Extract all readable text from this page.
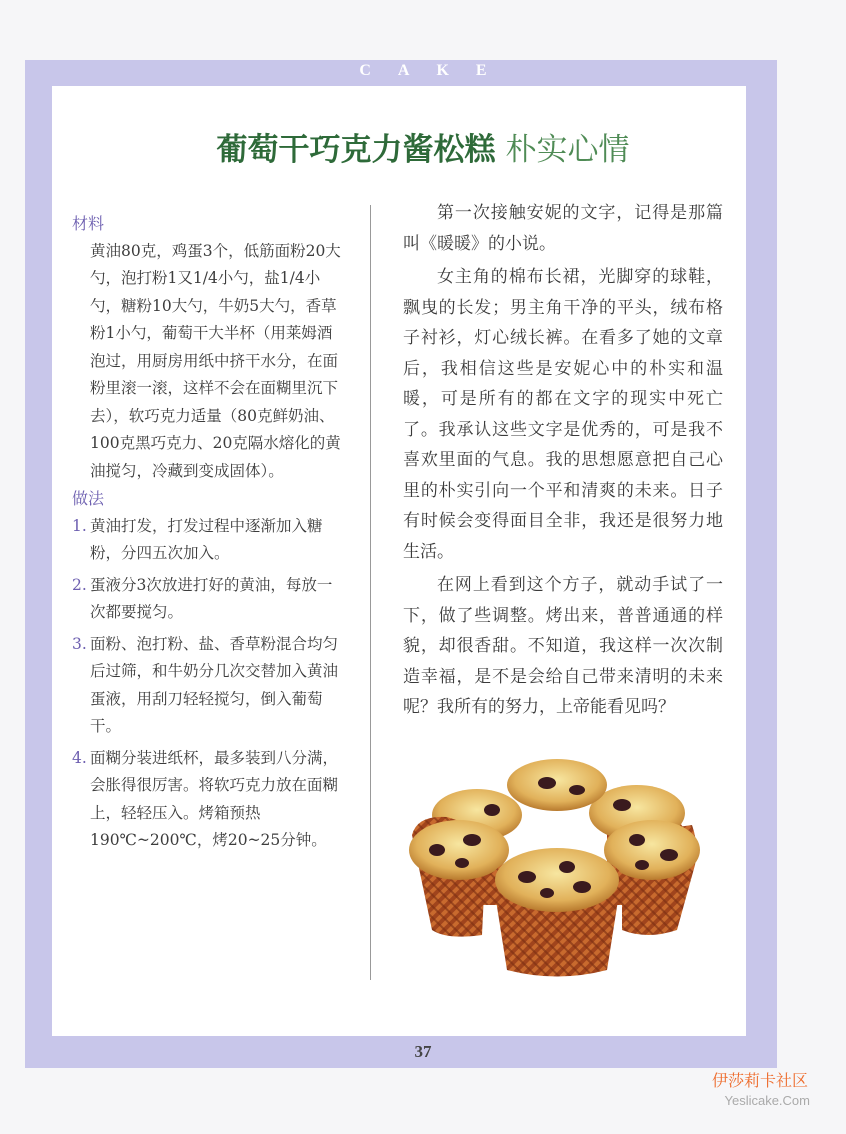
CAKE
葡萄干巧克力酱松糕 朴实心情

材料

黄油80克，鸡蛋3个，低筋面粉20大勺，泡打粉1又1/4小勺，盐1/4小勺，糖粉10大勺，牛奶5大勺，香草粉1小勺，葡萄干大半杯（用莱姆酒泡过，用厨房用纸中挤干水分，在面粉里滚一滚，这样不会在面糊里沉下去），软巧克力适量（80克鲜奶油、100克黑巧克力、20克隔水熔化的黄油搅匀，冷藏到变成固体）。

做法

1. 黄油打发，打发过程中逐渐加入糖粉，分四五次加入。
2. 蛋液分3次放进打好的黄油，每放一次都要搅匀。
3. 面粉、泡打粉、盐、香草粉混合均匀后过筛，和牛奶分几次交替加入黄油蛋液，用刮刀轻轻搅匀，倒入葡萄干。
4. 面糊分装进纸杯，最多装到八分满，会胀得很厉害。将软巧克力放在面糊上，轻轻压入。烤箱预热190℃~200℃，烤20~25分钟。

第一次接触安妮的文字，记得是那篇叫《暖暖》的小说。

女主角的棉布长裙，光脚穿的球鞋，飘曳的长发；男主角干净的平头，绒布格子衬衫，灯心绒长裤。在看多了她的文章后，我相信这些是安妮心中的朴实和温暖，可是所有的都在文字的现实中死亡了。我承认这些文字是优秀的，可是我不喜欢里面的气息。我的思想愿意把自己心里的朴实引向一个平和清爽的未来。日子有时候会变得面目全非，我还是很努力地生活。

在网上看到这个方子，就动手试了一下，做了些调整。烤出来，普普通通的样貌，却很香甜。不知道，我这样一次次制造幸福，是不是会给自己带来清明的未来呢？我所有的努力，上帝能看见吗？

37
伊莎莉卡社区
Yeslicake.Com
